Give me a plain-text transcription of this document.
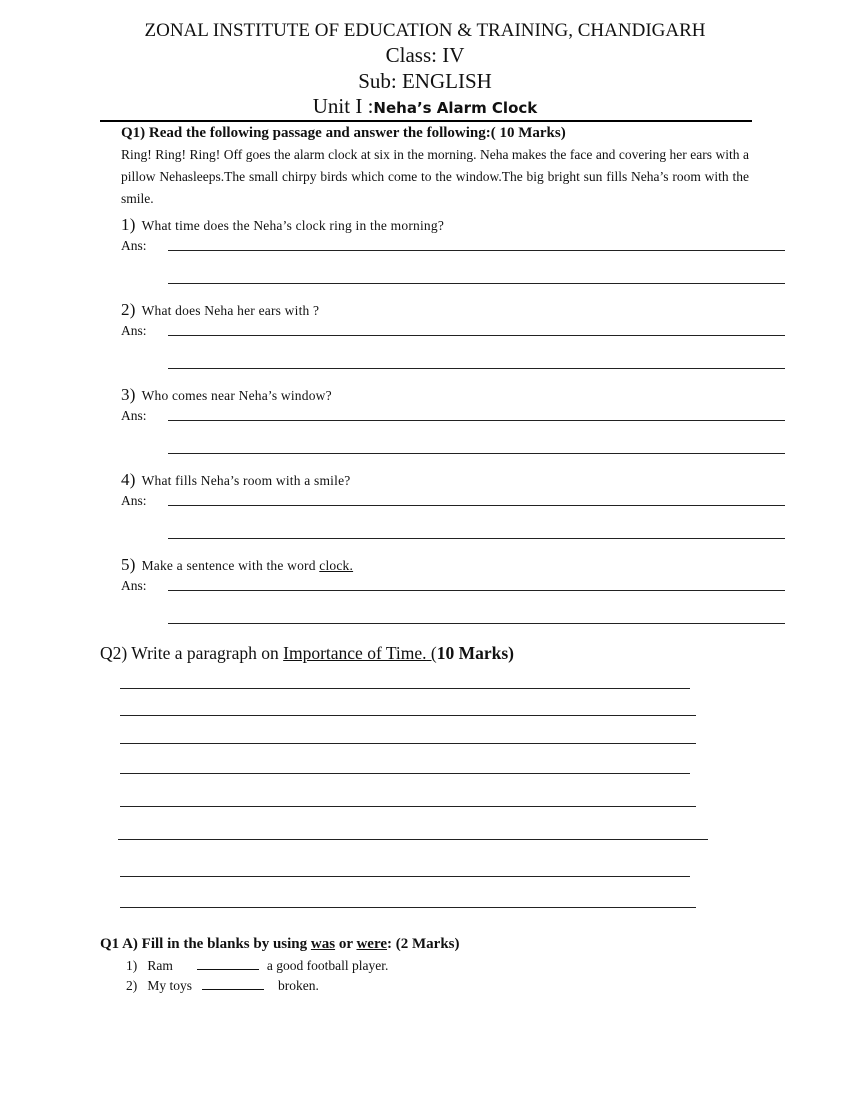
ZONAL INSTITUTE OF EDUCATION & TRAINING, CHANDIGARH
Class: IV
Sub: ENGLISH
Unit I :Neha’s Alarm Clock
Q1) Read the following passage and answer the following:( 10 Marks)
Ring! Ring! Ring! Off goes the alarm clock at six in the morning. Neha makes the face and covering her ears with a pillow Nehasleeps.The small chirpy birds which come to the window.The big bright sun fills Neha’s room with the smile.
1) What time does the Neha’s clock ring in the morning?
Ans:
2) What does Neha her ears with ?
Ans:
3) Who comes near Neha’s window?
Ans:
4) What fills Neha’s room with a smile?
Ans:
5) Make a sentence with the word clock.
Ans:
Q2) Write a paragraph on Importance of Time. (10 Marks)
Q1 A) Fill in the blanks by using was or were: (2 Marks)
1) Ram	a good football player.
2) My toys	broken.
